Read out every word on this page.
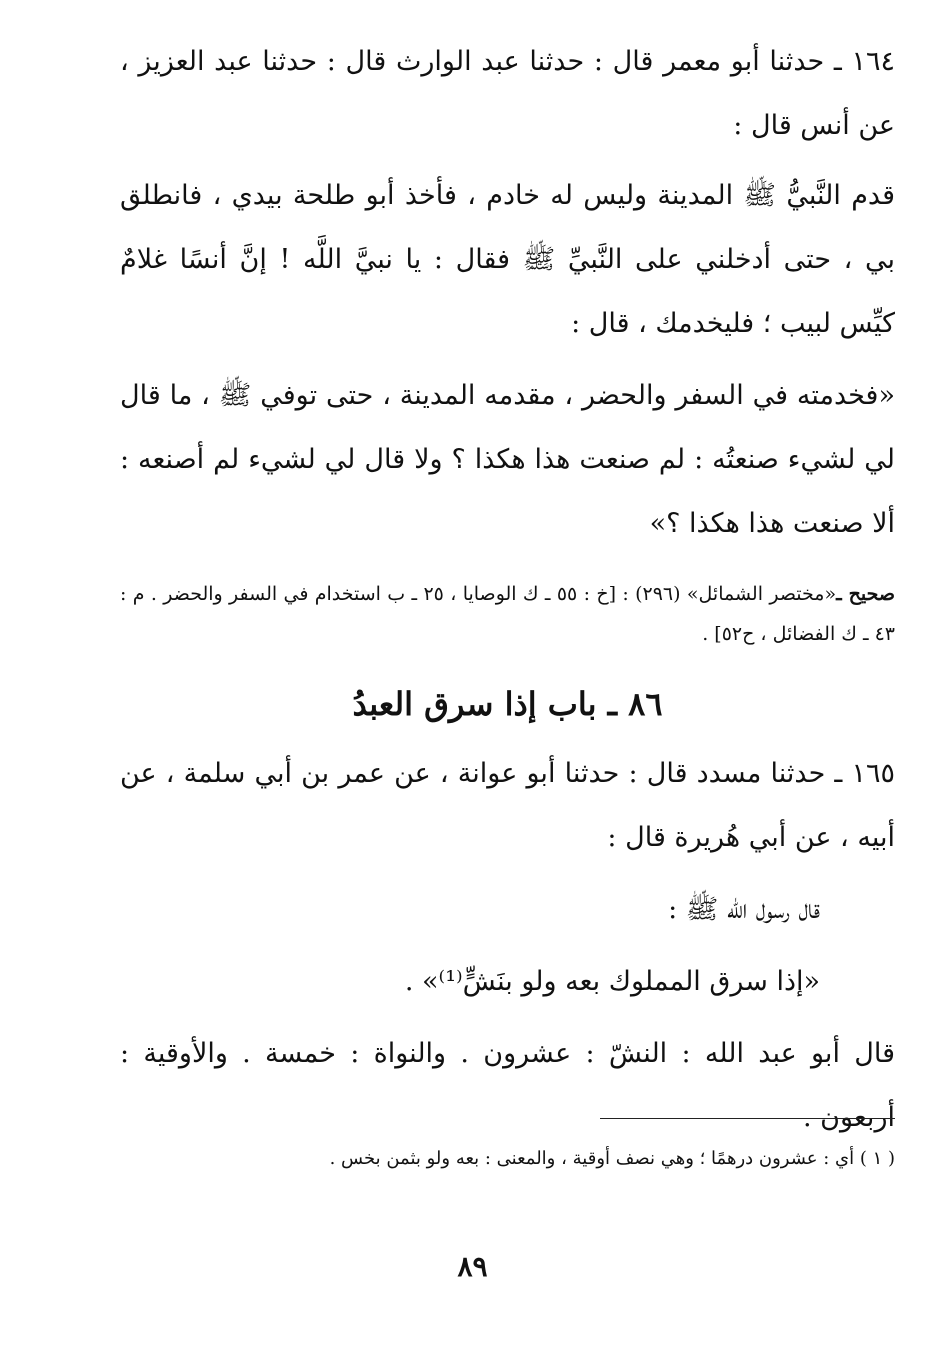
١٦٤ ـ حدثنا أبو معمر قال : حدثنا عبد الوارث قال : حدثنا عبد العزيز ، عن أنس قال :

قدم النَّبيُّ ﷺ المدينة وليس له خادم ، فأخذ أبو طلحة بيدي ، فانطلق بي ، حتى أدخلني على النَّبيِّ ﷺ فقال : يا نبيَّ اللَّه ! إنَّ أنسًا غلامٌ كيِّس لبيب ؛ فليخدمك ، قال :

«فخدمته في السفر والحضر ، مقدمه المدينة ، حتى توفي ﷺ ، ما قال لي لشيء صنعتُه : لم صنعت هذا هكذا ؟ ولا قال لي لشيء لم أصنعه : ألا صنعت هذا هكذا ؟»

صحيح ـ«مختصر الشمائل» (٢٩٦) : [خ : ٥٥ ـ ك الوصايا ، ٢٥ ـ ب استخدام في السفر والحضر . م : ٤٣ ـ ك الفضائل ، ح٥٢] .

٨٦ ـ باب إذا سرق العبدُ

١٦٥ ـ حدثنا مسدد قال : حدثنا أبو عوانة ، عن عمر بن أبي سلمة ، عن أبيه ، عن أبي هُريرة قال :

قال رسول الله ﷺ :

«إذا سرق المملوك بعه ولو بنَشٍّ⁽¹⁾» .

قال أبو عبد الله : النشّ : عشرون . والنواة : خمسة . والأوقية : أربعون .

( ١ ) أي : عشرون درهمًا ؛ وهي نصف أوقية ، والمعنى : بعه ولو بثمن بخس .
٨٩
